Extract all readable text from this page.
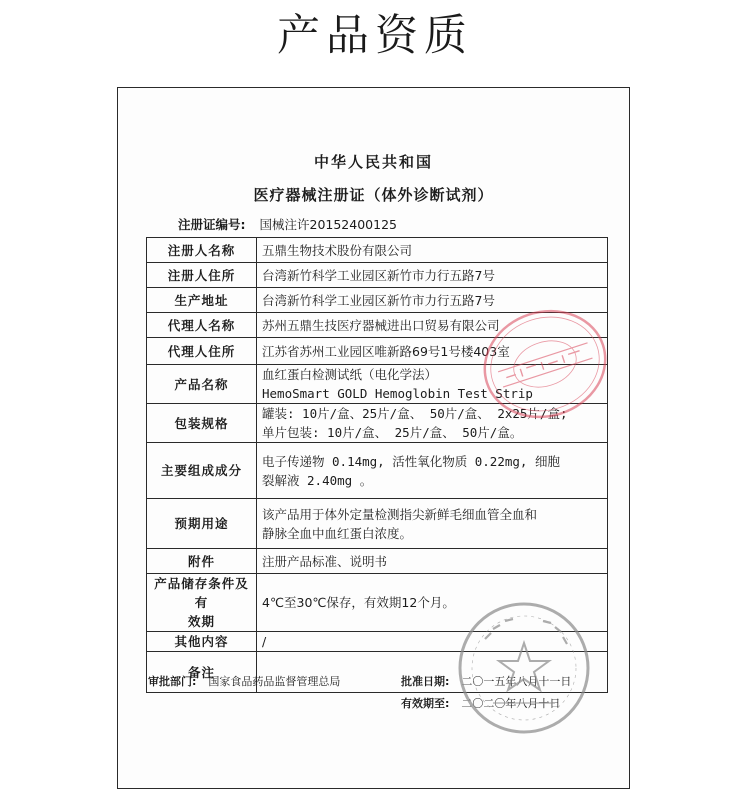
产品资质
中华人民共和国
医疗器械注册证（体外诊断试剂）
注册证编号: 国械注许20152400125
注册人名称	五鼎生物技术股份有限公司
注册人住所	台湾新竹科学工业园区新竹市力行五路7号
生产地址	台湾新竹科学工业园区新竹市力行五路7号
代理人名称	苏州五鼎生技医疗器械进出口贸易有限公司
代理人住所	江苏省苏州工业园区唯新路69号1号楼403室
产品名称	血红蛋白检测试纸（电化学法）
HemoSmart GOLD Hemoglobin Test Strip
包装规格	罐装: 10片/盒、25片/盒、 50片/盒、 2x25片/盒;
单片包装: 10片/盒、 25片/盒、 50片/盒。
主要组成成分	电子传递物 0.14mg, 活性氧化物质 0.22mg, 细胞
裂解液 2.40mg 。
预期用途	该产品用于体外定量检测指尖新鲜毛细血管全血和
静脉全血中血红蛋白浓度。
附件	注册产品标准、说明书
产品储存条件及有
效期	4℃至30℃保存，有效期12个月。
其他内容	/
备注	
审批部门: 国家食品药品监督管理总局	批准日期: 二〇一五年八月十一日
有效期至: 二〇二〇年八月十日
